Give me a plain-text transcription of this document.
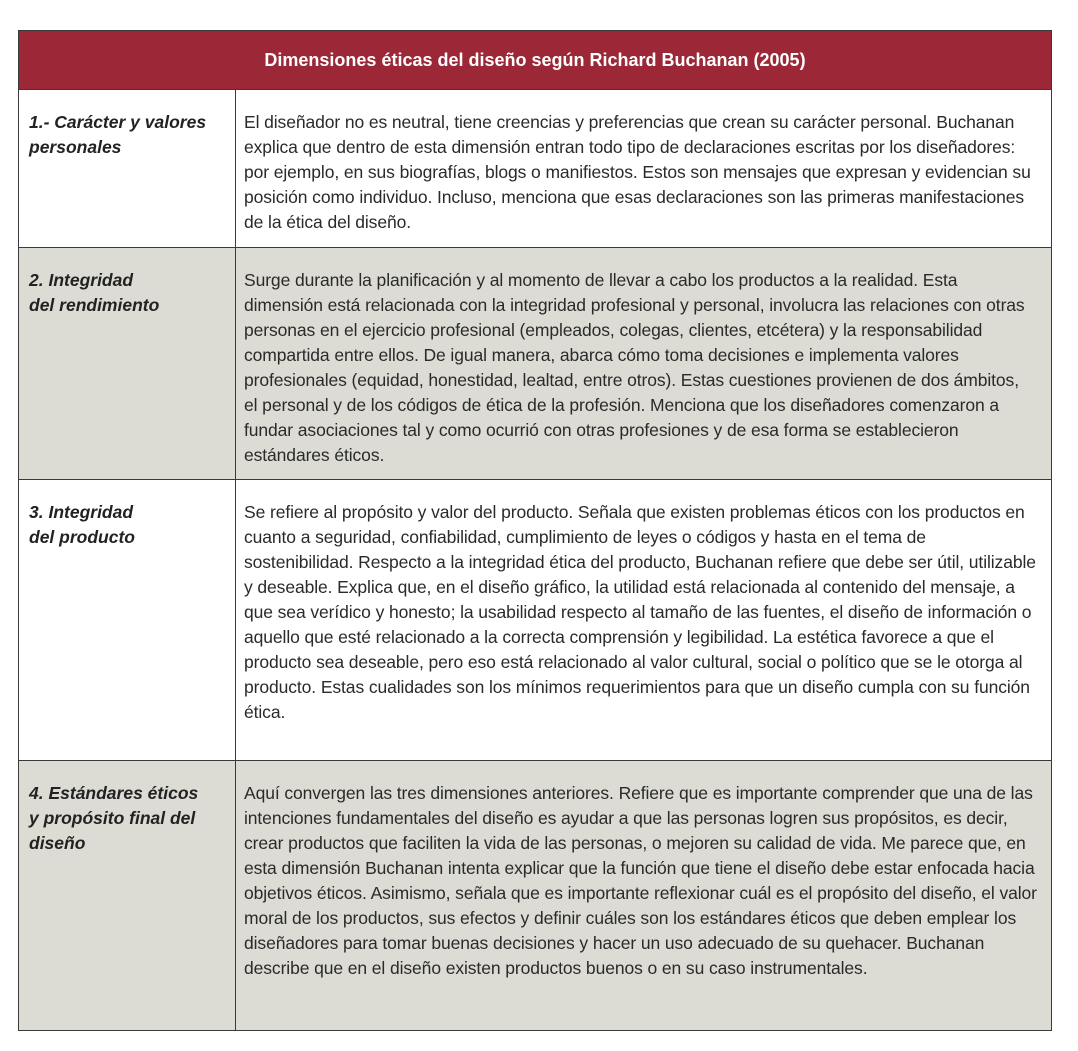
Dimensiones éticas del diseño según Richard Buchanan (2005)
1.- Carácter y valores
personales
El diseñador no es neutral, tiene creencias y preferencias que crean su carácter personal. Buchanan explica que dentro de esta dimensión entran todo tipo de declaraciones escritas por los diseñadores: por ejemplo, en sus biografías, blogs o manifiestos. Estos son mensajes que expresan y evidencian su posición como individuo. Incluso, menciona que esas declaraciones son las primeras manifestaciones de la ética del diseño.
2. Integridad
del rendimiento
Surge durante la planificación y al momento de llevar a cabo los productos a la realidad. Esta dimensión está relacionada con la integridad profesional y personal, involucra las relaciones con otras personas en el ejercicio profesional (empleados, colegas, clientes, etcétera) y la responsabilidad compartida entre ellos. De igual manera, abarca cómo toma decisiones e implementa valores profesionales (equidad, honestidad, lealtad, entre otros). Estas cuestiones provienen de dos ámbitos, el personal y de los códigos de ética de la profesión. Menciona que los diseñadores comenzaron a fundar asociaciones tal y como ocurrió con otras profesiones y de esa forma se establecieron estándares éticos.
3. Integridad
del producto
Se refiere al propósito y valor del producto. Señala que existen problemas éticos con los productos en cuanto a seguridad, confiabilidad, cumplimiento de leyes o códigos y hasta en el tema de sostenibilidad. Respecto a la integridad ética del producto, Buchanan refiere que debe ser útil, utilizable y deseable. Explica que, en el diseño gráfico, la utilidad está relacionada al contenido del mensaje, a que sea verídico y honesto; la usabilidad respecto al tamaño de las fuentes, el diseño de información o aquello que esté relacionado a la correcta comprensión y legibilidad. La estética favorece a que el producto sea deseable, pero eso está relacionado al valor cultural, social o político que se le otorga al producto. Estas cualidades son los mínimos requerimientos para que un diseño cumpla con su función ética.
4. Estándares éticos
y propósito final del
diseño
Aquí convergen las tres dimensiones anteriores. Refiere que es importante comprender que una de las intenciones fundamentales del diseño es ayudar a que las personas logren sus propósitos, es decir, crear productos que faciliten la vida de las personas, o mejoren su calidad de vida. Me parece que, en esta dimensión Buchanan intenta explicar que la función que tiene el diseño debe estar enfocada hacia objetivos éticos. Asimismo, señala que es importante reflexionar cuál es el propósito del diseño, el valor moral de los productos, sus efectos y definir cuáles son los estándares éticos que deben emplear los diseñadores para tomar buenas decisiones y hacer un uso adecuado de su quehacer. Buchanan describe que en el diseño existen productos buenos o en su caso instrumentales.
